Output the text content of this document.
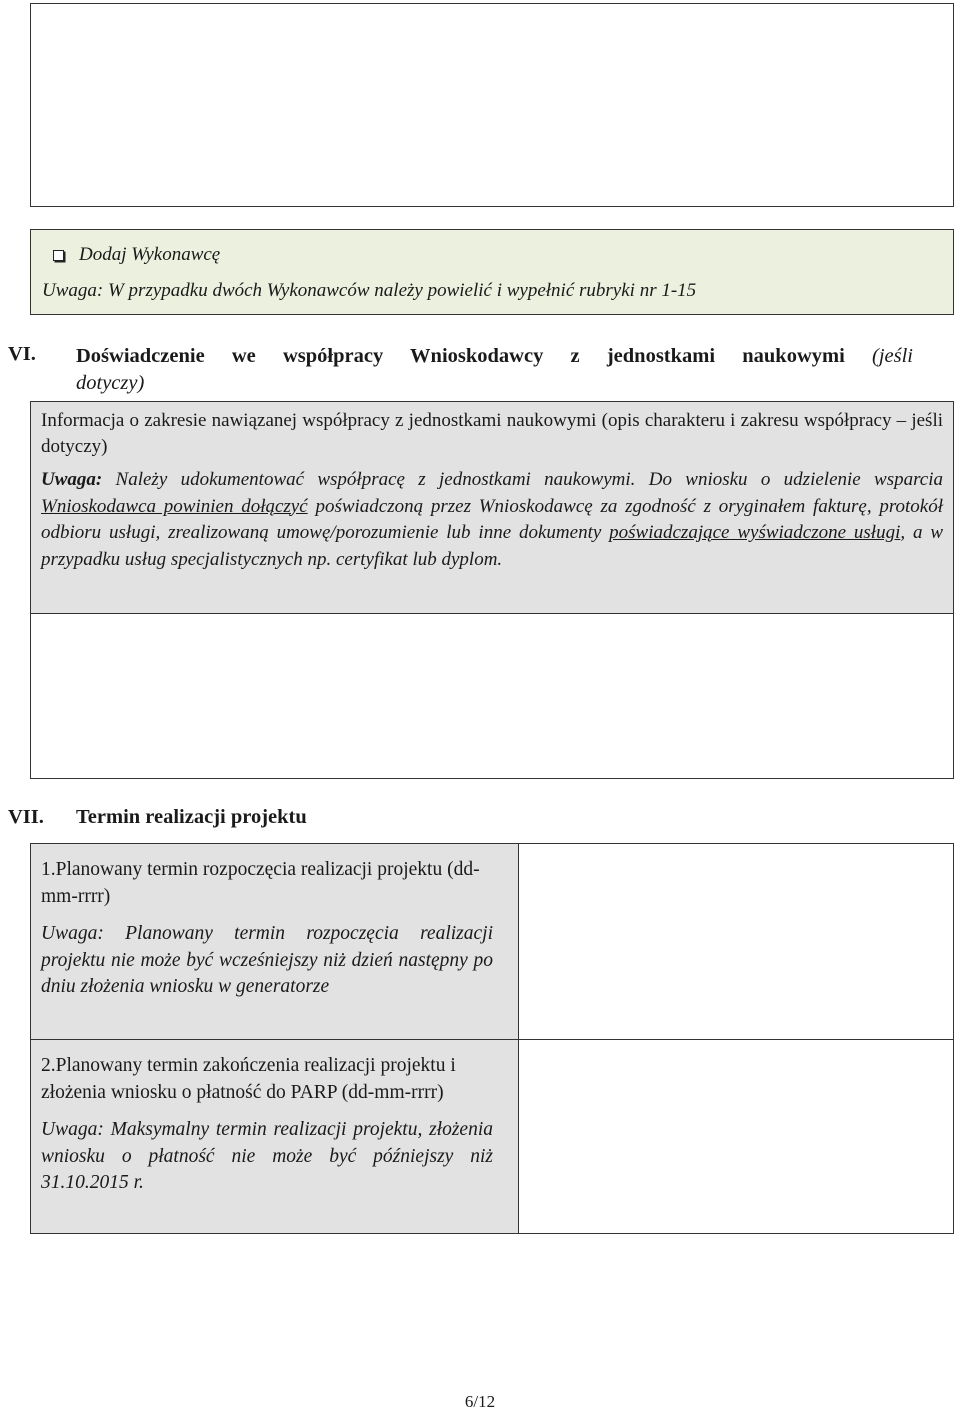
Dodaj Wykonawcę
Uwaga: W przypadku dwóch Wykonawców należy powielić i wypełnić rubryki nr 1-15
VI. Doświadczenie we współpracy Wnioskodawcy z jednostkami naukowymi (jeśli
dotyczy)
Informacja o zakresie nawiązanej współpracy z jednostkami naukowymi (opis charakteru i zakresu współpracy – jeśli dotyczy)
Uwaga: Należy udokumentować współpracę z jednostkami naukowymi. Do wniosku o udzielenie wsparcia Wnioskodawca powinien dołączyć poświadczoną przez Wnioskodawcę za zgodność z oryginałem fakturę, protokół odbioru usługi, zrealizowaną umowę/porozumienie lub inne dokumenty poświadczające wyświadczone usługi, a w przypadku usług specjalistycznych np. certyfikat lub dyplom.
VII. Termin realizacji projektu
1.Planowany termin rozpoczęcia realizacji projektu (dd-mm-rrrr)
Uwaga: Planowany termin rozpoczęcia realizacji projektu nie może być wcześniejszy niż dzień następny po dniu złożenia wniosku w generatorze
2.Planowany termin zakończenia realizacji projektu i złożenia wniosku o płatność do PARP (dd-mm-rrrr)
Uwaga: Maksymalny termin realizacji projektu, złożenia wniosku o płatność nie może być późniejszy niż 31.10.2015 r.
6/12
